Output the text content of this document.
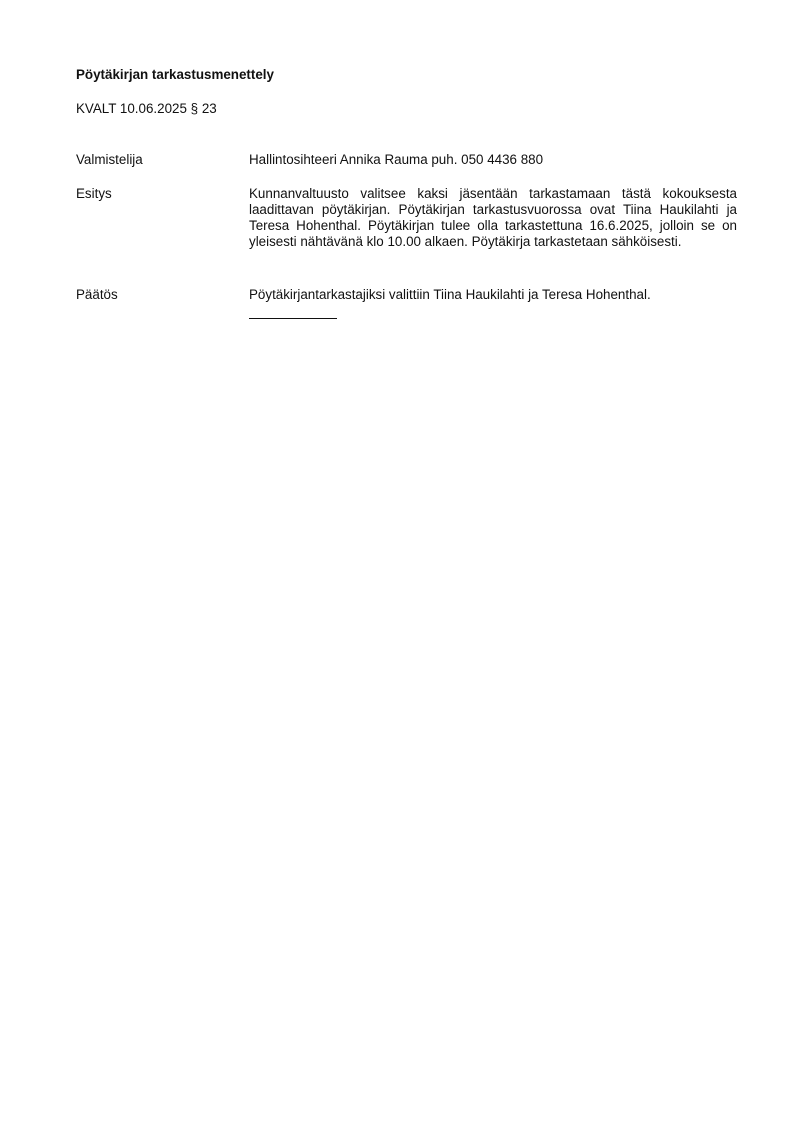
Pöytäkirjan tarkastusmenettely
KVALT 10.06.2025 § 23
Valmistelija	Hallintosihteeri Annika Rauma puh. 050 4436 880

Esitys	Kunnanvaltuusto valitsee kaksi jäsentään tarkastamaan tästä kokouksesta laadittavan pöytäkirjan. Pöytäkirjan tarkastusvuorossa ovat Tiina Haukilahti ja Teresa Hohenthal. Pöytäkirjan tulee olla tarkastettuna 16.6.2025, jolloin se on yleisesti nähtävänä klo 10.00 alkaen. Pöytäkirja tarkastetaan sähköisesti.

Päätös	Pöytäkirjantarkastajiksi valittiin Tiina Haukilahti ja Teresa Hohenthal.
